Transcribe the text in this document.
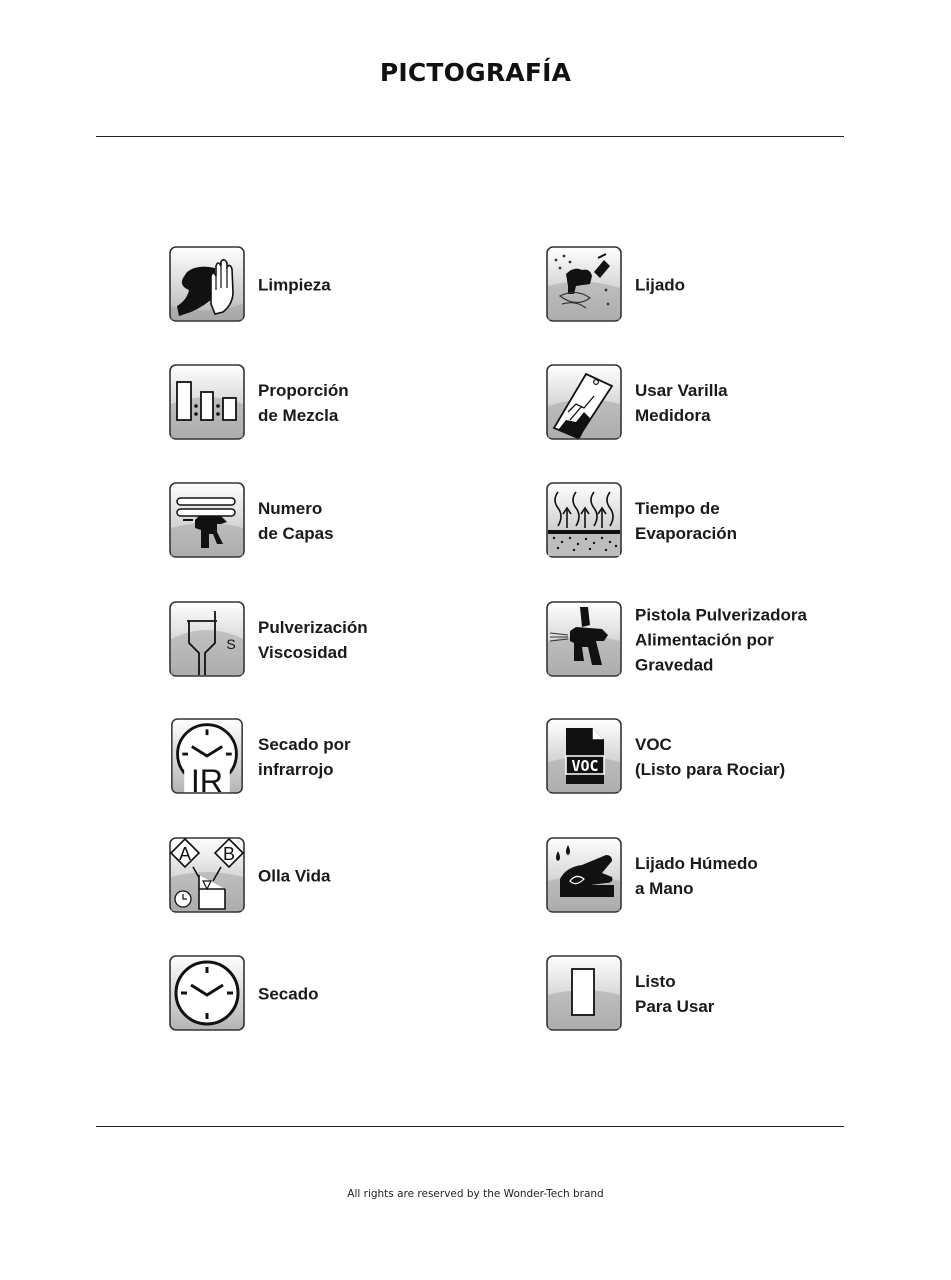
PICTOGRAFÍA
Limpieza
Proporción
de Mezcla
Numero
de Capas
S
Pulverización
Viscosidad
IR
Secado por
infrarrojo
A B
Olla Vida
Secado
Lijado
Usar Varilla
Medidora
Tiempo de
Evaporación
Pistola Pulverizadora
Alimentación por
Gravedad
VOC
VOC
(Listo para Rociar)
Lijado Húmedo
a Mano
Listo
Para Usar
All rights are reserved by the Wonder-Tech brand
